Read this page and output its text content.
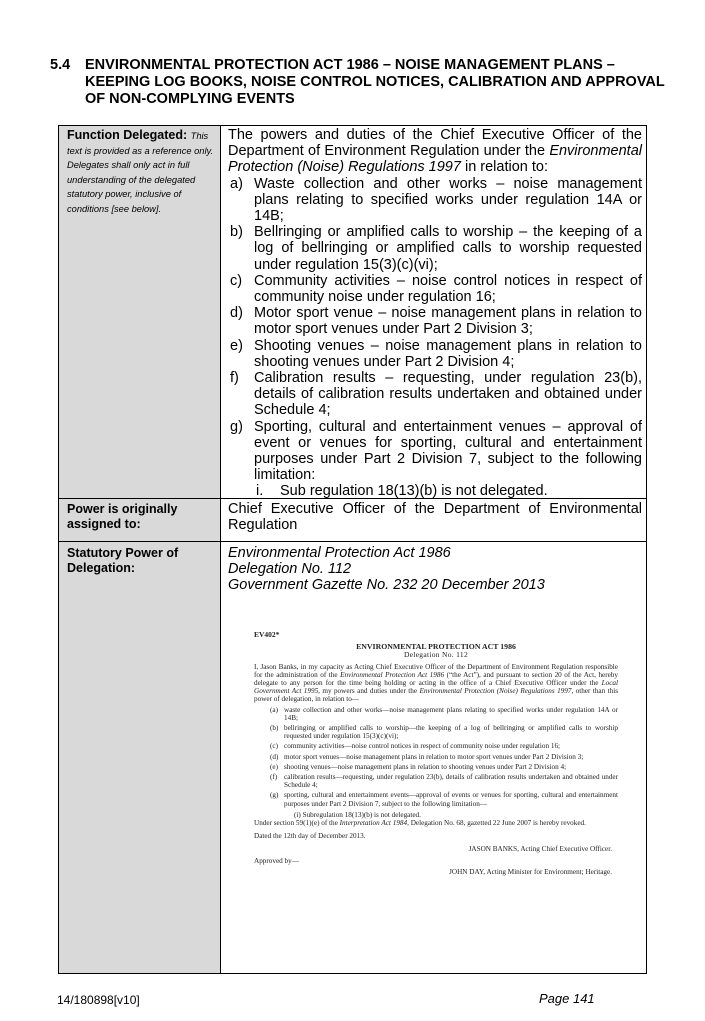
5.4 ENVIRONMENTAL PROTECTION ACT 1986 – NOISE MANAGEMENT PLANS – KEEPING LOG BOOKS, NOISE CONTROL NOTICES, CALIBRATION AND APPROVAL OF NON-COMPLYING EVENTS
Function Delegated: This text is provided as a reference only. Delegates shall only act in full understanding of the delegated statutory power, inclusive of conditions [see below].
The powers and duties of the Chief Executive Officer of the Department of Environment Regulation under the Environmental Protection (Noise) Regulations 1997 in relation to:
a) Waste collection and other works – noise management plans relating to specified works under regulation 14A or 14B;
b) Bellringing or amplified calls to worship – the keeping of a log of bellringing or amplified calls to worship requested under regulation 15(3)(c)(vi);
c) Community activities – noise control notices in respect of community noise under regulation 16;
d) Motor sport venue – noise management plans in relation to motor sport venues under Part 2 Division 3;
e) Shooting venues – noise management plans in relation to shooting venues under Part 2 Division 4;
f) Calibration results – requesting, under regulation 23(b), details of calibration results undertaken and obtained under Schedule 4;
g) Sporting, cultural and entertainment venues – approval of event or venues for sporting, cultural and entertainment purposes under Part 2 Division 7, subject to the following limitation:
i. Sub regulation 18(13)(b) is not delegated.
Power is originally assigned to:
Chief Executive Officer of the Department of Environmental Regulation
Statutory Power of Delegation:
Environmental Protection Act 1986
Delegation No. 112
Government Gazette No. 232 20 December 2013

EV402*

ENVIRONMENTAL PROTECTION ACT 1986

Delegation No. 112

I, Jason Banks, in my capacity as Acting Chief Executive Officer of the Department of Environment Regulation responsible for the administration of the Environmental Protection Act 1986 (“the Act”), and pursuant to section 20 of the Act, hereby delegate to any person for the time being holding or acting in the office of a Chief Executive Officer under the Local Government Act 1995, my powers and duties under the Environmental Protection (Noise) Regulations 1997, other than this power of delegation, in relation to—

(a) waste collection and other works—noise management plans relating to specified works under regulation 14A or 14B;
(b) bellringing or amplified calls to worship—the keeping of a log of bellringing or amplified calls to worship requested under regulation 15(3)(c)(vi);
(c) community activities—noise control notices in respect of community noise under regulation 16;
(d) motor sport venues—noise management plans in relation to motor sport venues under Part 2 Division 3;
(e) shooting venues—noise management plans in relation to shooting venues under Part 2 Division 4;
(f) calibration results—requesting, under regulation 23(b), details of calibration results undertaken and obtained under Schedule 4;
(g) sporting, cultural and entertainment events—approval of events or venues for sporting, cultural and entertainment purposes under Part 2 Division 7, subject to the following limitation—

(i) Subregulation 18(13)(b) is not delegated.

Under section 59(1)(e) of the Interpretation Act 1984, Delegation No. 68, gazetted 22 June 2007 is hereby revoked.

Dated the 12th day of December 2013.

JASON BANKS, Acting Chief Executive Officer.

Approved by—

JOHN DAY, Acting Minister for Environment; Heritage.

14/180898[v10]	Page 141
